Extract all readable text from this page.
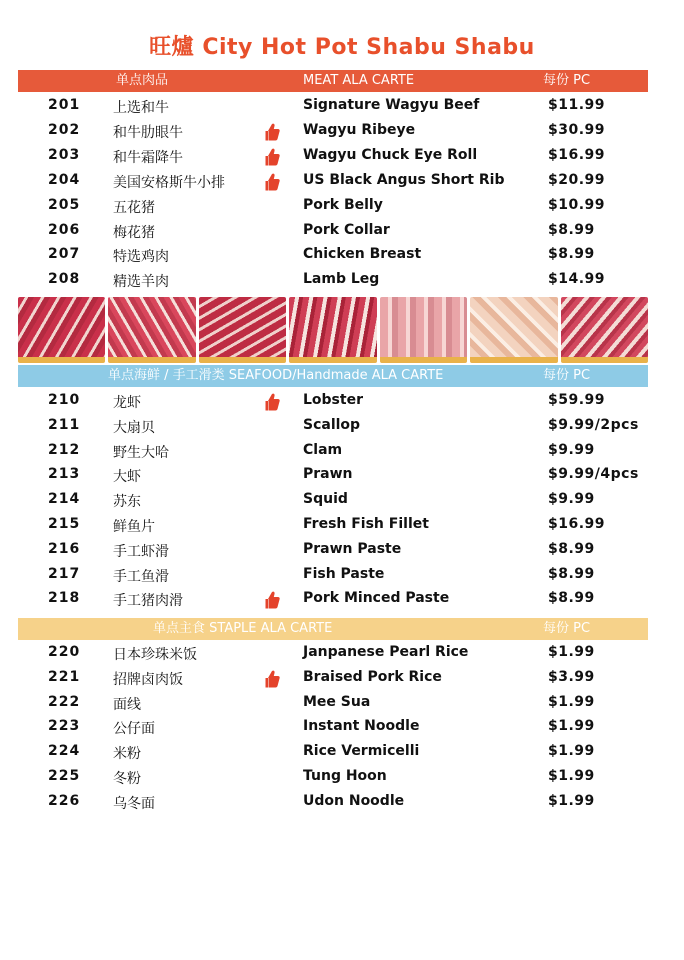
旺爐 City Hot Pot Shabu Shabu
单点肉品	MEAT ALA CARTE	每份 PC
201 上选和牛	Signature Wagyu Beef	$11.99
202 和牛肋眼牛	Wagyu Ribeye	$30.99
203 和牛霜降牛	Wagyu Chuck Eye Roll	$16.99
204 美国安格斯牛小排	US Black Angus Short Rib	$20.99
205 五花猪	Pork Belly	$10.99
206 梅花猪	Pork Collar	$8.99
207 特选鸡肉	Chicken Breast	$8.99
208 精选羊肉	Lamb Leg	$14.99
单点海鲜 / 手工滑类 SEAFOOD/Handmade ALA CARTE	每份 PC
210 龙虾	Lobster	$59.99
211 大扇贝	Scallop	$9.99/2pcs
212 野生大哈	Clam	$9.99
213 大虾	Prawn	$9.99/4pcs
214 苏东	Squid	$9.99
215 鲜鱼片	Fresh Fish Fillet	$16.99
216 手工虾滑	Prawn Paste	$8.99
217 手工鱼滑	Fish Paste	$8.99
218 手工猪肉滑	Pork Minced Paste	$8.99
单点主食 STAPLE ALA CARTE	每份 PC
220 日本珍珠米饭	Janpanese Pearl Rice	$1.99
221 招牌卤肉饭	Braised Pork Rice	$3.99
222 面线	Mee Sua	$1.99
223 公仔面	Instant Noodle	$1.99
224 米粉	Rice Vermicelli	$1.99
225 冬粉	Tung Hoon	$1.99
226 乌冬面	Udon Noodle	$1.99
